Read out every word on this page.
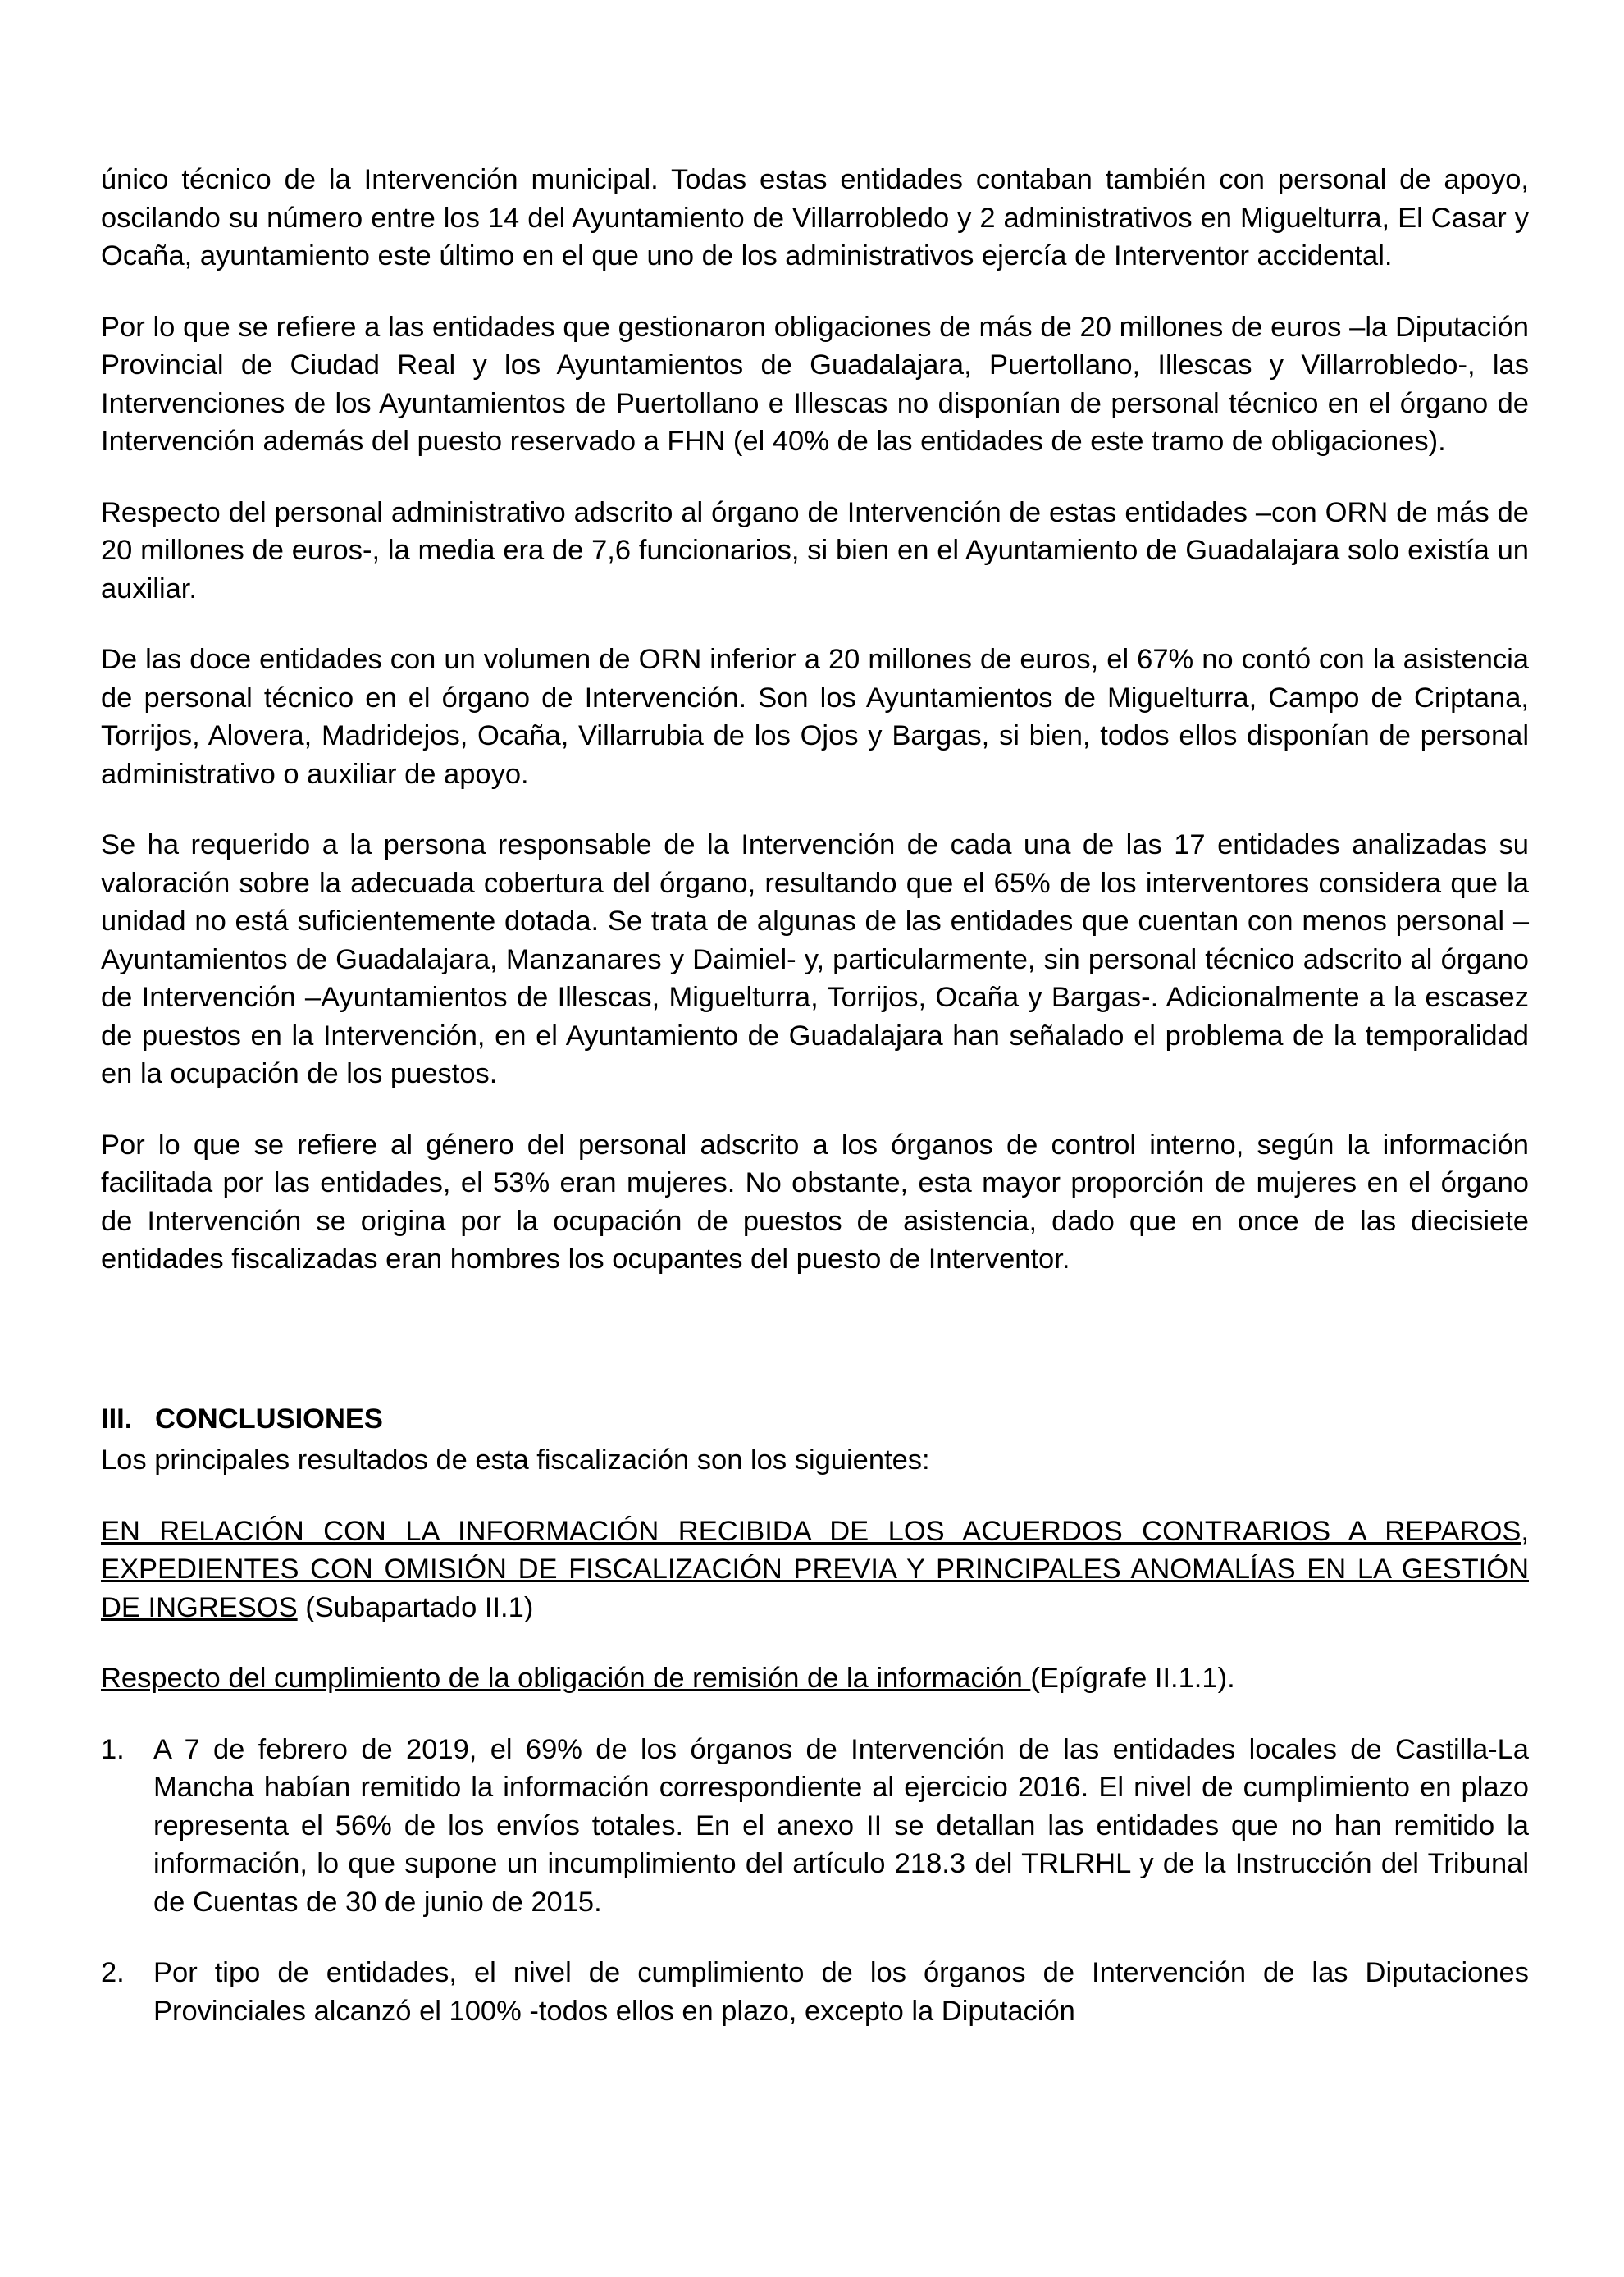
único técnico de la Intervención municipal. Todas estas entidades contaban también con personal de apoyo, oscilando su número entre los 14 del Ayuntamiento de Villarrobledo y 2 administrativos en Miguelturra, El Casar y Ocaña, ayuntamiento este último en el que uno de los administrativos ejercía de Interventor accidental.

Por lo que se refiere a las entidades que gestionaron obligaciones de más de 20 millones de euros –la Diputación Provincial de Ciudad Real y los Ayuntamientos de Guadalajara, Puertollano, Illescas y Villarrobledo-, las Intervenciones de los Ayuntamientos de Puertollano e Illescas no disponían de personal técnico en el órgano de Intervención además del puesto reservado a FHN (el 40% de las entidades de este tramo de obligaciones).

Respecto del personal administrativo adscrito al órgano de Intervención de estas entidades –con ORN de más de 20 millones de euros-, la media era de 7,6 funcionarios, si bien en el Ayuntamiento de Guadalajara solo existía un auxiliar.

De las doce entidades con un volumen de ORN inferior a 20 millones de euros, el 67% no contó con la asistencia de personal técnico en el órgano de Intervención. Son los Ayuntamientos de Miguelturra, Campo de Criptana, Torrijos, Alovera, Madridejos, Ocaña, Villarrubia de los Ojos y Bargas, si bien, todos ellos disponían de personal administrativo o auxiliar de apoyo.

Se ha requerido a la persona responsable de la Intervención de cada una de las 17 entidades analizadas su valoración sobre la adecuada cobertura del órgano, resultando que el 65% de los interventores considera que la unidad no está suficientemente dotada. Se trata de algunas de las entidades que cuentan con menos personal –Ayuntamientos de Guadalajara, Manzanares y Daimiel- y, particularmente, sin personal técnico adscrito al órgano de Intervención –Ayuntamientos de Illescas, Miguelturra, Torrijos, Ocaña y Bargas-. Adicionalmente a la escasez de puestos en la Intervención, en el Ayuntamiento de Guadalajara han señalado el problema de la temporalidad en la ocupación de los puestos.

Por lo que se refiere al género del personal adscrito a los órganos de control interno, según la información facilitada por las entidades, el 53% eran mujeres. No obstante, esta mayor proporción de mujeres en el órgano de Intervención se origina por la ocupación de puestos de asistencia, dado que en once de las diecisiete entidades fiscalizadas eran hombres los ocupantes del puesto de Interventor.

III. CONCLUSIONES

Los principales resultados de esta fiscalización son los siguientes:

EN RELACIÓN CON LA INFORMACIÓN RECIBIDA DE LOS ACUERDOS CONTRARIOS A REPAROS, EXPEDIENTES CON OMISIÓN DE FISCALIZACIÓN PREVIA Y PRINCIPALES ANOMALÍAS EN LA GESTIÓN DE INGRESOS (Subapartado II.1)

Respecto del cumplimiento de la obligación de remisión de la información (Epígrafe II.1.1).

1.	A 7 de febrero de 2019, el 69% de los órganos de Intervención de las entidades locales de Castilla-La Mancha habían remitido la información correspondiente al ejercicio 2016. El nivel de cumplimiento en plazo representa el 56% de los envíos totales. En el anexo II se detallan las entidades que no han remitido la información, lo que supone un incumplimiento del artículo 218.3 del TRLRHL y de la Instrucción del Tribunal de Cuentas de 30 de junio de 2015.
2.	Por tipo de entidades, el nivel de cumplimiento de los órganos de Intervención de las Diputaciones Provinciales alcanzó el 100% -todos ellos en plazo, excepto la Diputación
